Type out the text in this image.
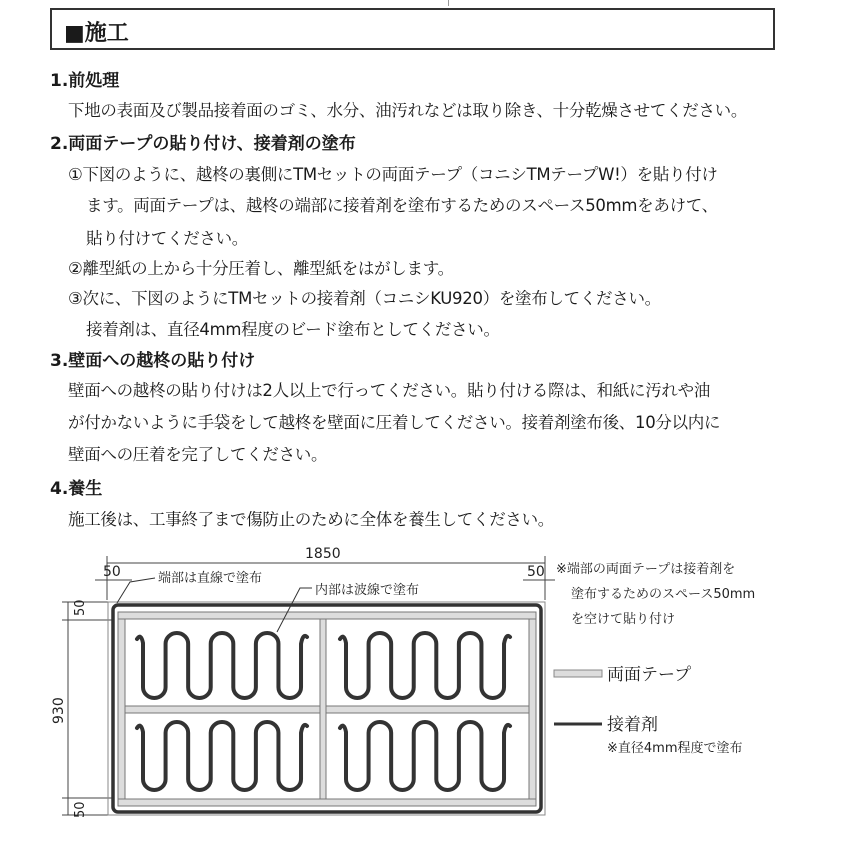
■施工
1.前処理
下地の表面及び製品接着面のゴミ、水分、油汚れなどは取り除き、十分乾燥させてください。
2.両面テープの貼り付け、接着剤の塗布
①下図のように、越柊の裏側にTMセットの両面テープ（コニシTMテープW!）を貼り付け
ます。両面テープは、越柊の端部に接着剤を塗布するためのスペース50mmをあけて、
貼り付けてください。
②離型紙の上から十分圧着し、離型紙をはがします。
③次に、下図のようにTMセットの接着剤（コニシKU920）を塗布してください。
接着剤は、直径4mm程度のビード塗布としてください。
3.壁面への越柊の貼り付け
壁面への越柊の貼り付けは2人以上で行ってください。貼り付ける際は、和紙に汚れや油
が付かないように手袋をして越柊を壁面に圧着してください。接着剤塗布後、10分以内に
壁面への圧着を完了してください。
4.養生
施工後は、工事終了まで傷防止のために全体を養生してください。
1850
50	50
50
50
930
端部は直線で塗布
内部は波線で塗布
※端部の両面テープは接着剤を
塗布するためのスペース50mm
を空けて貼り付け
両面テープ
接着剤
※直径4mm程度で塗布
